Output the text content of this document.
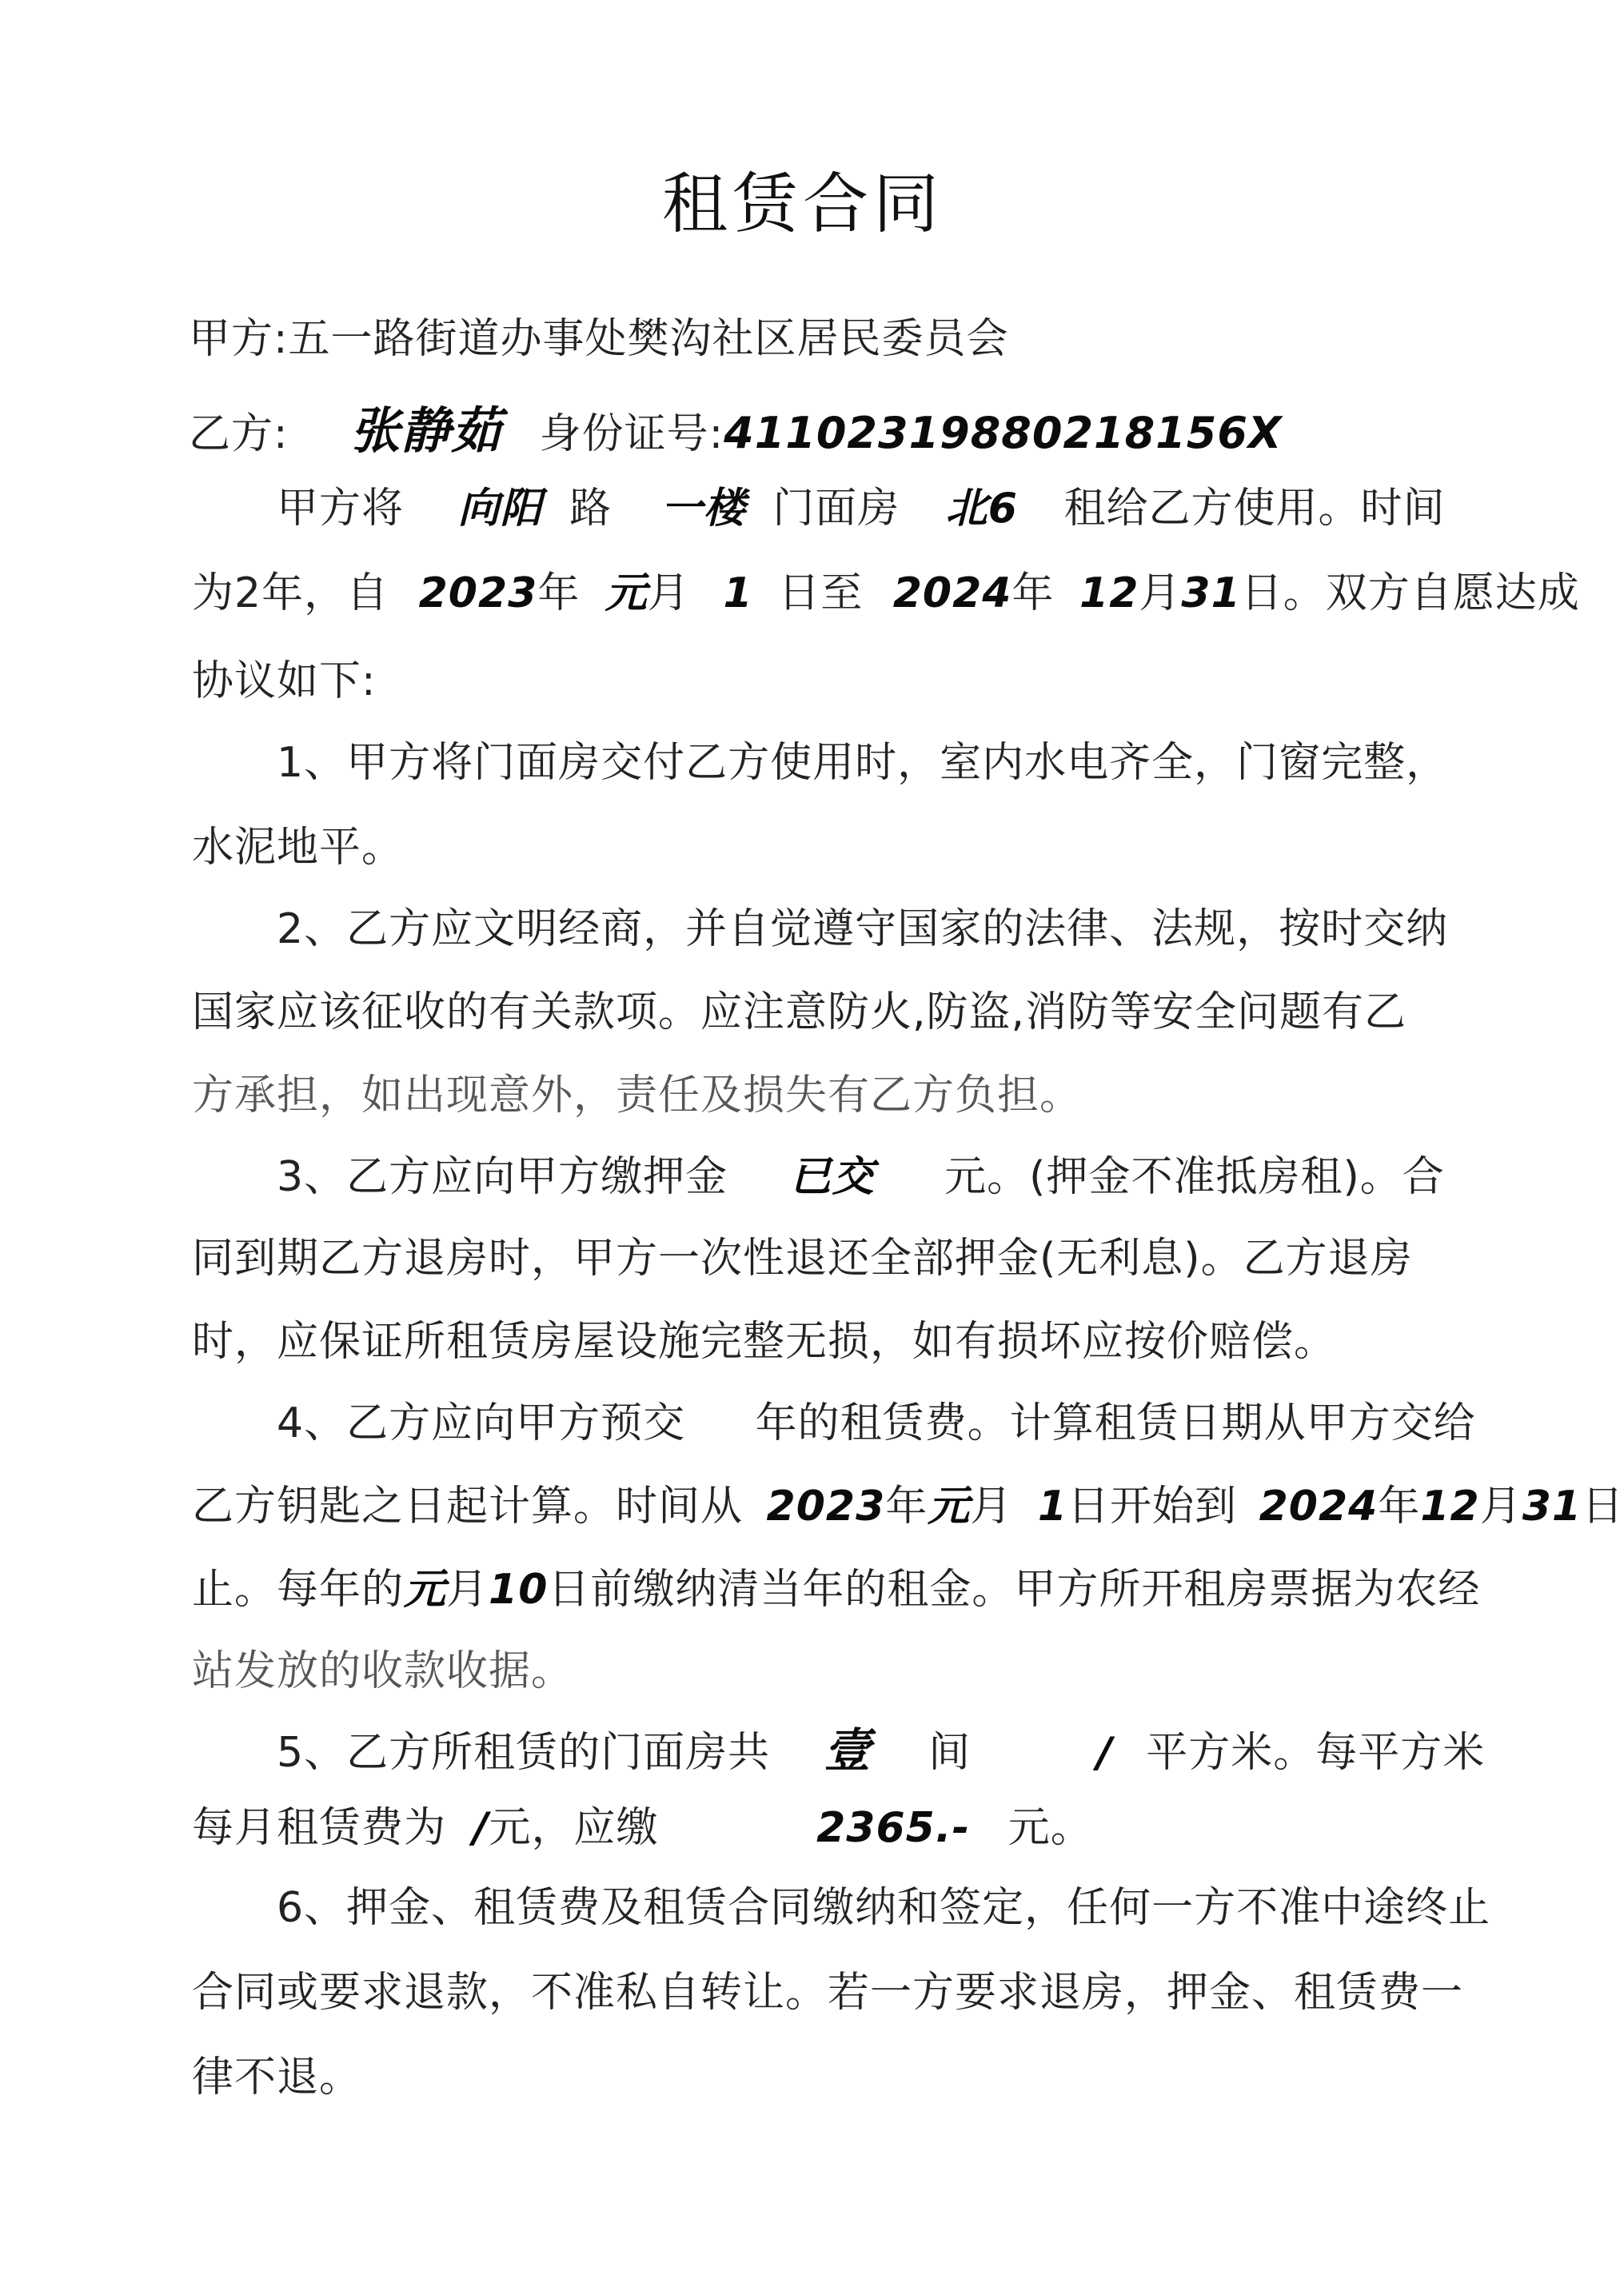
租赁合同
甲方:五一路街道办事处樊沟社区居民委员会
乙方: 张静茹 身份证号:41102319880218156X
甲方将 向阳 路 一楼 门面房 北6 租给乙方使用。时间
为2年，自 2023年 元月 1 日至 2024年 12月31日。双方自愿达成
协议如下:
1、甲方将门面房交付乙方使用时，室内水电齐全，门窗完整，
水泥地平。
2、乙方应文明经商，并自觉遵守国家的法律、法规，按时交纳
国家应该征收的有关款项。应注意防火,防盗,消防等安全问题有乙
方承担，如出现意外，责任及损失有乙方负担。
3、乙方应向甲方缴押金 已交 元。(押金不准抵房租)。合
同到期乙方退房时，甲方一次性退还全部押金(无利息)。乙方退房
时，应保证所租赁房屋设施完整无损，如有损坏应按价赔偿。
4、乙方应向甲方预交 年的租赁费。计算租赁日期从甲方交给
乙方钥匙之日起计算。时间从 2023年元月 1日开始到 2024年12月31日
止。每年的元月10日前缴纳清当年的租金。甲方所开租房票据为农经
站发放的收款收据。
5、乙方所租赁的门面房共 壹 间	/ 平方米。每平方米
每月租赁费为 /元，应缴	2365.- 元。
6、押金、租赁费及租赁合同缴纳和签定，任何一方不准中途终止
合同或要求退款，不准私自转让。若一方要求退房，押金、租赁费一
律不退。
